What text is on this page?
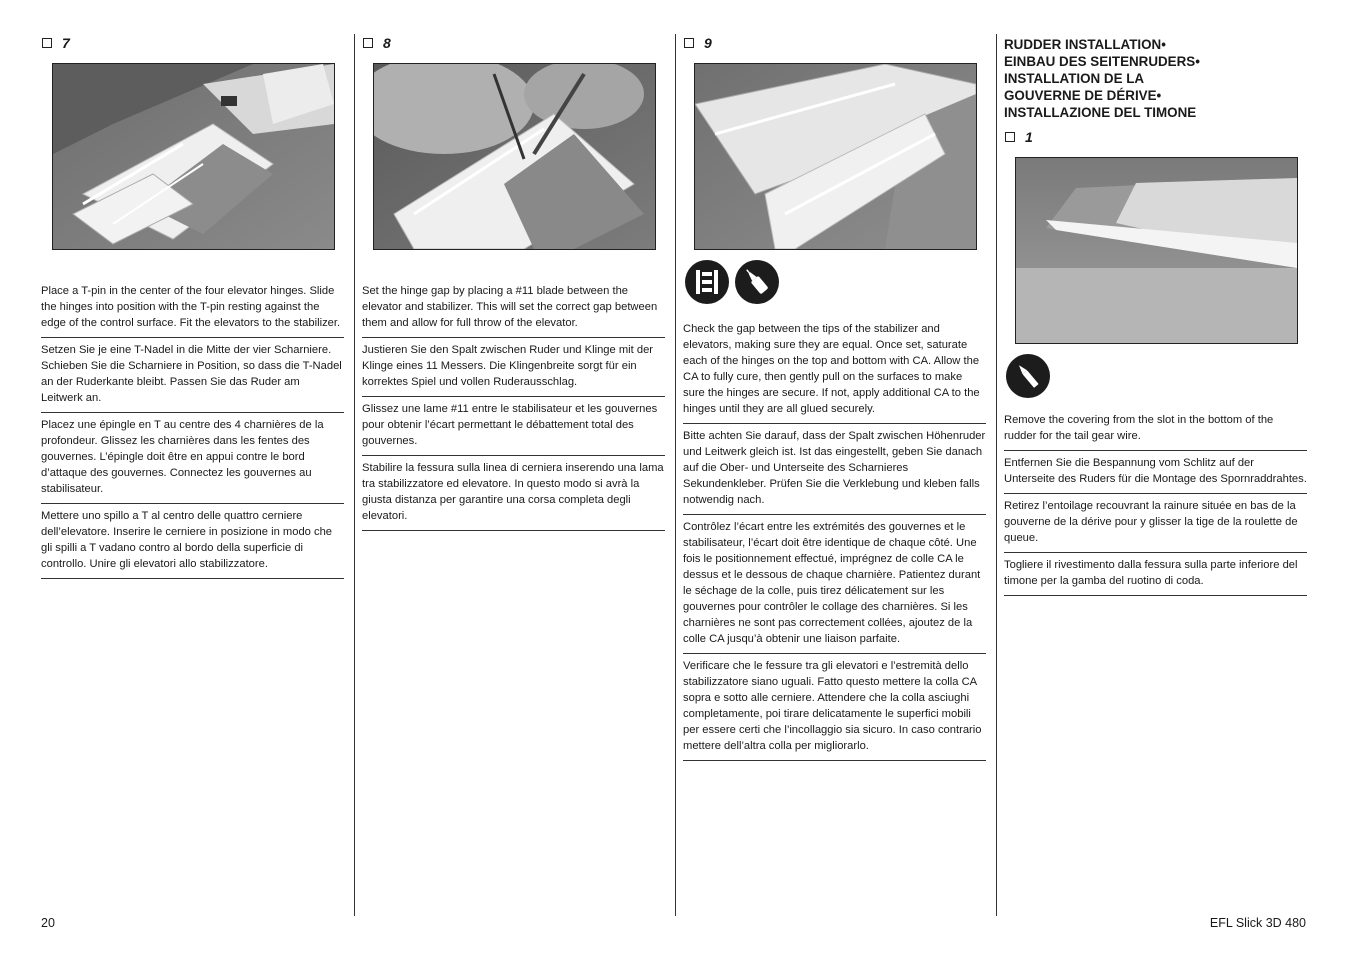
7
Place a T-pin in the center of the four elevator hinges. Slide the hinges into position with the T-pin resting against the edge of the control surface. Fit the elevators to the stabilizer.
Setzen Sie je eine T-Nadel in die Mitte der vier Scharniere. Schieben Sie die Scharniere in Position, so dass die T-Nadel an der Ruderkante bleibt. Passen Sie das Ruder am Leitwerk an.
Placez une épingle en T au centre des 4 charnières de la profondeur. Glissez les charnières dans les fentes des gouvernes. L’épingle doit être en appui contre le bord d’attaque des gouvernes. Connectez les gouvernes au stabilisateur.
Mettere uno spillo a T al centro delle quattro cerniere dell’elevatore. Inserire le cerniere in posizione in modo che gli spilli a T vadano contro al bordo della superficie di controllo. Unire gli elevatori allo stabilizzatore.
8
Set the hinge gap by placing a #11 blade between the elevator and stabilizer. This will set the correct gap between them and allow for full throw of the elevator.
Justieren Sie den Spalt zwischen Ruder und Klinge mit der Klinge eines 11 Messers. Die Klingenbreite sorgt für ein korrektes Spiel und vollen Ruderausschlag.
Glissez une lame #11 entre le stabilisateur et les gouvernes pour obtenir l’écart permettant le débattement total des gouvernes.
Stabilire la fessura sulla linea di cerniera inserendo una lama tra stabilizzatore ed elevatore. In questo modo si avrà la giusta distanza per garantire una corsa completa degli elevatori.
9
Check the gap between the tips of the stabilizer and elevators, making sure they are equal. Once set, saturate each of the hinges on the top and bottom with CA. Allow the CA to fully cure, then gently pull on the surfaces to make sure the hinges are secure. If not, apply additional CA to the hinges until they are all glued securely.
Bitte achten Sie darauf, dass der Spalt zwischen Höhenruder und Leitwerk gleich ist. Ist das eingestellt, geben Sie danach auf die Ober- und Unterseite des Scharnieres Sekundenkleber. Prüfen Sie die Verklebung und kleben falls notwendig nach.
Contrôlez l’écart entre les extrémités des gouvernes et le stabilisateur, l’écart doit être identique de chaque côté. Une fois le positionnement effectué, imprégnez de colle CA le dessus et le dessous de chaque charnière. Patientez durant le séchage de la colle, puis tirez délicatement sur les gouvernes pour contrôler le collage des charnières. Si les charnières ne sont pas correctement collées, ajoutez de la colle CA jusqu’à obtenir une liaison parfaite.
Verificare che le fessure tra gli elevatori e l’estremità dello stabilizzatore siano uguali. Fatto questo mettere la colla CA sopra e sotto alle cerniere. Attendere che la colla asciughi completamente, poi tirare delicatamente le superfici mobili per essere certi che l’incollaggio sia sicuro. In caso contrario mettere dell’altra colla per migliorarlo.
RUDDER INSTALLATION•
EINBAU DES SEITENRUDERS•
INSTALLATION DE LA
GOUVERNE DE DÉRIVE•
INSTALLAZIONE DEL TIMONE
1
Remove the covering from the slot in the bottom of the rudder for the tail gear wire.
Entfernen Sie die Bespannung vom Schlitz auf der Unterseite des Ruders für die Montage des Spornraddrahtes.
Retirez l’entoilage recouvrant la rainure située en bas de la gouverne de la dérive pour y glisser la tige de la roulette de queue.
Togliere il rivestimento dalla fessura sulla parte inferiore del timone per la gamba del ruotino di coda.
20	EFL Slick 3D 480
